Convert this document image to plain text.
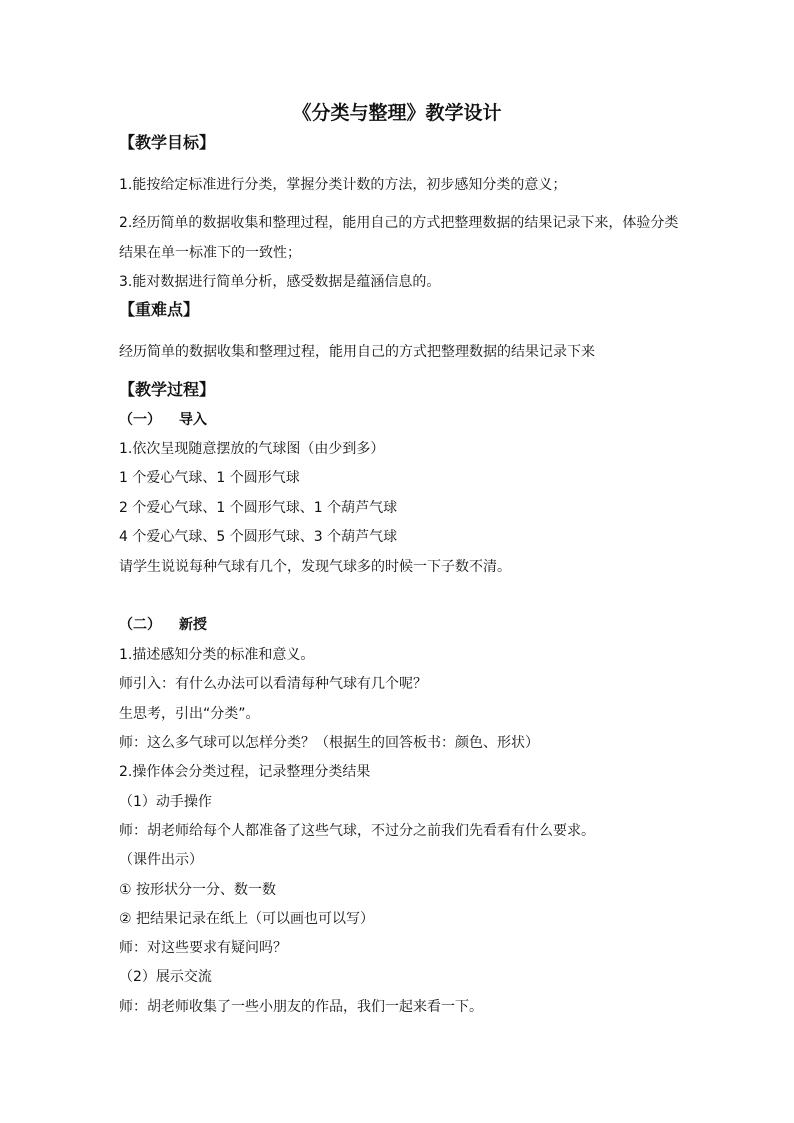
《分类与整理》教学设计
【教学目标】
1.能按给定标准进行分类，掌握分类计数的方法，初步感知分类的意义；
2.经历简单的数据收集和整理过程，能用自己的方式把整理数据的结果记录下来，体验分类
结果在单一标准下的一致性；
3.能对数据进行简单分析，感受数据是蕴涵信息的。
【重难点】
经历简单的数据收集和整理过程，能用自己的方式把整理数据的结果记录下来
【教学过程】
（一） 导入
1.依次呈现随意摆放的气球图（由少到多）
1 个爱心气球、1 个圆形气球
2 个爱心气球、1 个圆形气球、1 个葫芦气球
4 个爱心气球、5 个圆形气球、3 个葫芦气球
请学生说说每种气球有几个，发现气球多的时候一下子数不清。
（二） 新授
1.描述感知分类的标准和意义。
师引入：有什么办法可以看清每种气球有几个呢？
生思考，引出“分类”。
师：这么多气球可以怎样分类？（根据生的回答板书：颜色、形状）
2.操作体会分类过程，记录整理分类结果
（1）动手操作
师：胡老师给每个人都准备了这些气球，不过分之前我们先看看有什么要求。
（课件出示）
① 按形状分一分、数一数
② 把结果记录在纸上（可以画也可以写）
师：对这些要求有疑问吗？
（2）展示交流
师：胡老师收集了一些小朋友的作品，我们一起来看一下。
